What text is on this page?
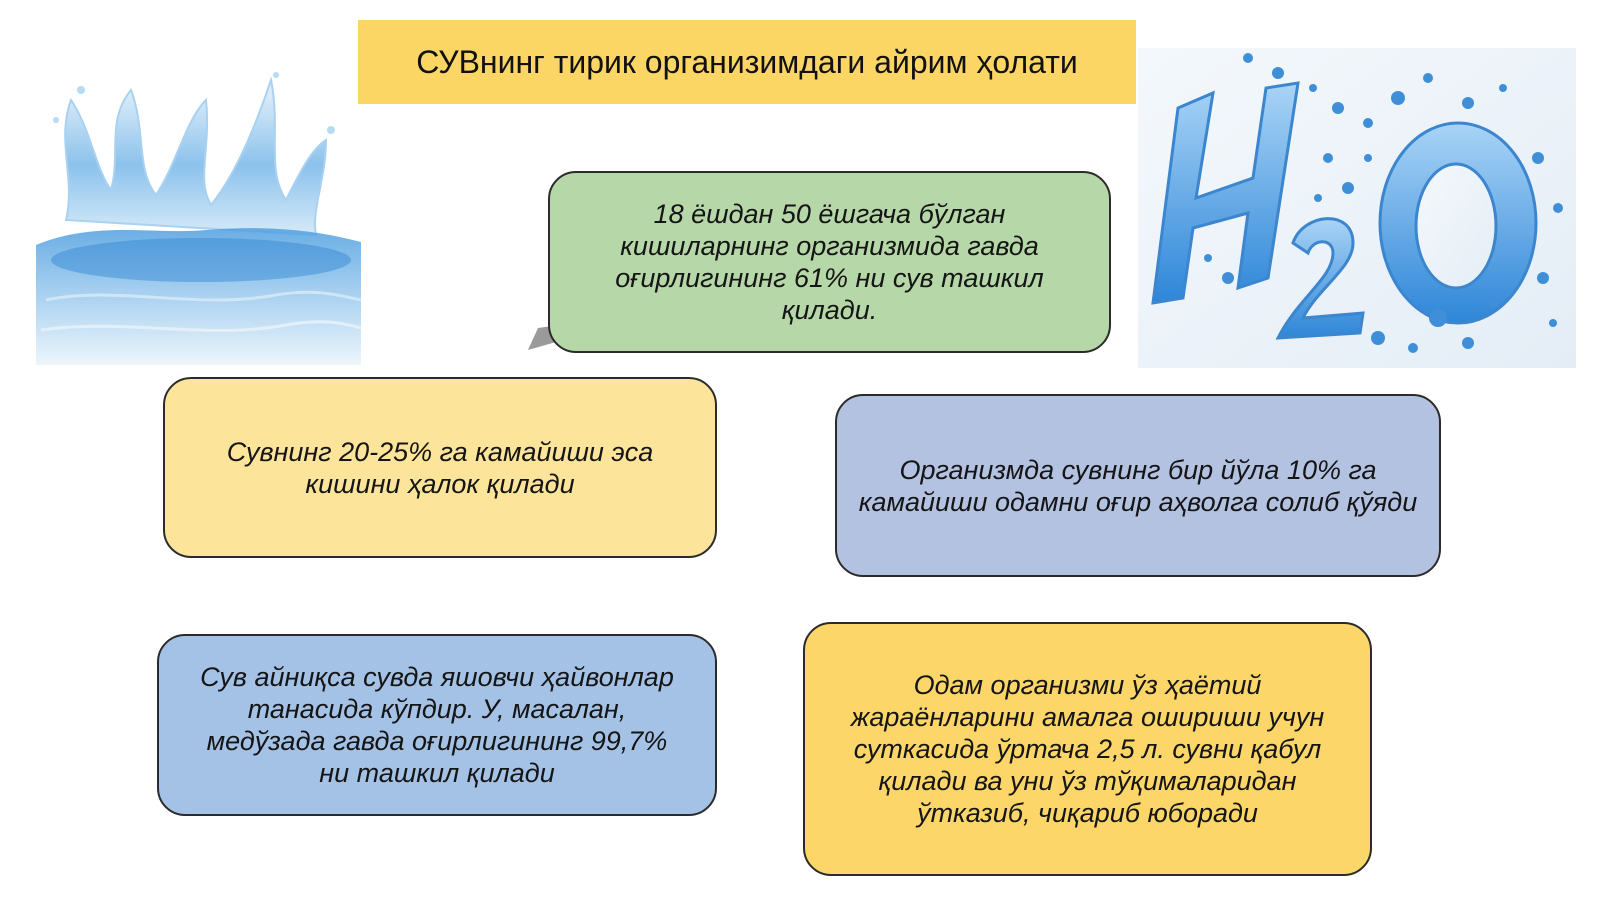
СУВнинг тирик организимдаги айрим ҳолати
18 ёшдан 50 ёшгача бўлган кишиларнинг организмида гавда оғирлигининг 61% ни сув ташкил қилади.
Сувнинг 20-25% га камайиши эса кишини ҳалок қилади	Организмда сувнинг бир йўла 10% га камайиши одамни оғир аҳволга солиб қўяди
Сув айниқса сувда яшовчи ҳайвонлар танасида кўпдир. У, масалан, медўзада гавда оғирлигининг 99,7% ни ташкил қилади
Одам организми ўз ҳаётий жараёнларини амалга ошириши учун суткасида ўртача 2,5 л. сувни қабул қилади ва уни ўз тўқималаридан ўтказиб, чиқариб юборади
